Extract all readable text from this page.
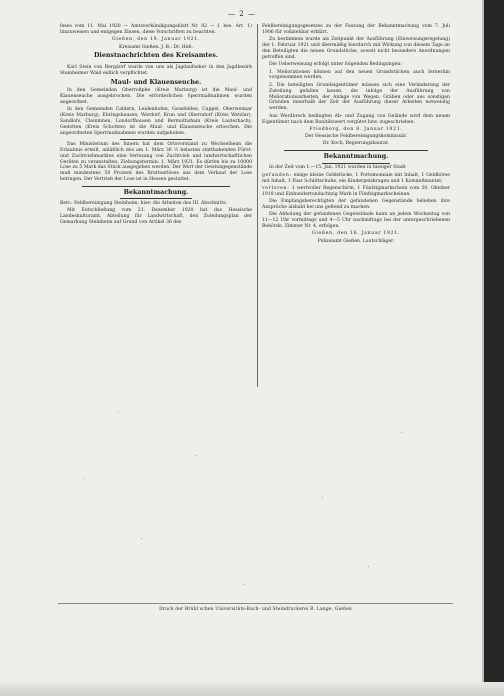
— 2 —

feses vom 11. Mai 1920 — Amtsverkündigungsblatt Nr. 82 — I. bes. Art. 1) hinzuweisen und entgegen Zinsen, diese Vorschriften zu beachten.

Gießen, den 19. Januar 1921.

Kreisamt Gießen. J. B.: Dr. Heß.

Dienstnachrichten des Kreisamtes.

Karl Stein von Bergdorf wurde von uns als Jagdaufseher in den Jagdbezirk Steinheimer Wald eidlich verpflichtet.

Maul- und Klauenseuche.

In den Gemeinden Oberroßphe (Kreis Marburg) ist die Maul- und Klauenseuche ausgebrochen. Die erforderlichen Sperrmaßnahmen wurden angeordnet.

In den Gemeinden Caldern, Leidenhofen, Gossfelden, Cappel, Oberweimar (Kreis Marburg), Ebringshausen, Werdorf, Krun und Oberndorf (Kreis Wetzlar), Sandlofs, Cleinmnen, Londorfhausen und Bermuthshain (Kreis Lauterbach), Gedotten (Kreis Schotten) ist die Maul- und Klauenseuche erloschen. Die angeordneten Sperrmaßnahmen wurden aufgehoben.

Das Ministerium des Innern hat dem Ortsvorstand zu Wechselheim die Erlaubnis erteilt, anläßlich des am 1. März 36 ½ belasten statthabenden Fürst- und Zuchtviehmarktes eine Verlosung von Zuchtvieh und landwirtschaftlichen Geräten zu veranstalten. Ziehungstermin: 1. März 1921. Es dürfen bis zu 10000 Lose zu 5 Mark das Stück ausgegeben werden. Der Wert der Gewinngegenstände muß mindestens 50 Prozent des Bruttoerlöses aus dem Verkauf der Lose betragen. Der Vertrieb der Lose ist in Hessen gestattet.

Bekanntmachung.

Betr.: Feldbereinigung Steinheim; hier: die Arbeiten des III. Abschnitts.

Mit Entschließung vom 21. Dezember 1920 hat das Hessische Landeskulturamt, Abteilung für Landwirtschaft, den Zuteilungsplan der Gemarkung Steinheim auf Grund von Artikel 36 des

Feldbereinigungsgesetzes zu der Fassung der Bekanntmachung vom 7. Juli 1906 für vollziehbar erklärt.

Zu bestimmen wurde als Zeitpunkt der Ausführung (Einweisungsregelung) der 1. Februar 1921 und übermäßig hierdurch mit Wirkung von diesem Tage an den Beteiligten die neuen Grundstücke, soweit nicht besondere Anordnungen getroffen sind.

Die Ueberweisung erfolgt unter folgenden Bedingungen:

1. Meliorationen können auf den neuen Grundstücken auch fernerhin vorgenommen werden.

2. Die beteiligten Grundeigentümer müssen sich eine Veränderung der Zuteilung gefallen lassen, die infolge der Ausführung von Meliorationsarbeiten, der Anlage von Wegen, Gräben oder aus sonstigen Gründen innerhalb der Zeit der Ausführung dieser Arbeiten notwendig werden.

Aus Werdbrock bedingten Ab- und Zugang von Gelände wird dem neuen Eigentümer nach dem Bonitätswert vergütet bzw. zugeschrieben.

Friedberg, den 8. Januar 1921.

Der Hessische Feldbereinigungskommissär.

Dr. Koch, Regierungsbaurat.

Bekanntmachung.

In der Zeit vom 1.—15. Jan. 1921 wurden in hiesiger Stadt

gefunden: einige kleine Geldstücke, 1 Portemonnaie mit Inhalt, 1 Geldbörse mit Inhalt, 1 Paar Schlittschuhe, ein Kinderpelzkragen und 1 Kommißmantel;

verloren: 1 wertvoller Regenschirm, 1 Fünfzigmarkschein vom 30. Oktober 1918 und Einhundertundachtzig Mark in Fünfzigmarkscheinen.

Die Empfangsberechtigten der gefundenen Gegenstände belieben ihre Ansprüche alsbald bei uns geltend zu machen.

Die Abholung der gefundenen Gegenstände kann an jedem Wochentag von 11—12 Uhr vormittags und 4—5 Uhr nachmittags bei der untergeschriebenen Behörde, Zimmer Nr. 4, erfolgen.

Gießen, den 16. Januar 1921.

Polizeiamt Gießen. Lautschläger.

Druck der Brühl'schen Universitäts-Buch- und Steindruckerei R. Lange, Gießen
